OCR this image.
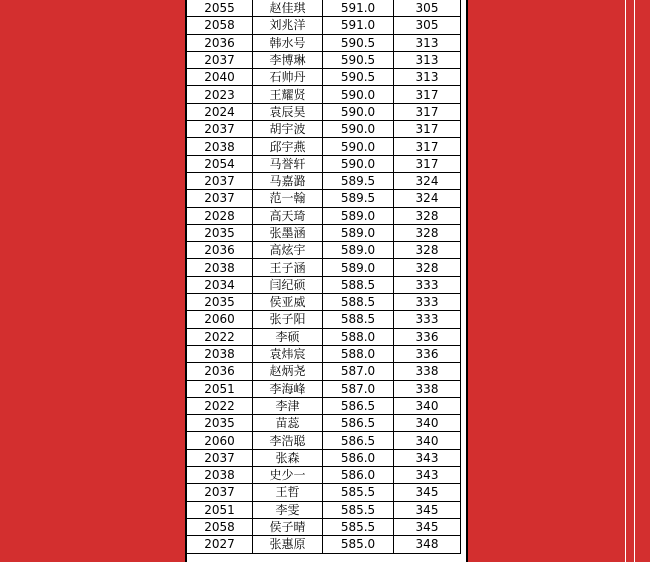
2055	赵佳琪	591.0	305
2058	刘兆洋	591.0	305
2036	韩水号	590.5	313
2037	李博琳	590.5	313
2040	石帅丹	590.5	313
2023	王耀贤	590.0	317
2024	袁辰昊	590.0	317
2037	胡宇波	590.0	317
2038	邱宇燕	590.0	317
2054	马誉轩	590.0	317
2037	马嘉潞	589.5	324
2037	范一翰	589.5	324
2028	高天琦	589.0	328
2035	张墨涵	589.0	328
2036	高炫宇	589.0	328
2038	王子涵	589.0	328
2034	闫纪硕	588.5	333
2035	侯亚威	588.5	333
2060	张子阳	588.5	333
2022	李硕	588.0	336
2038	袁炜宸	588.0	336
2036	赵炳尧	587.0	338
2051	李海峰	587.0	338
2022	李津	586.5	340
2035	苗蕊	586.5	340
2060	李浩聪	586.5	340
2037	张森	586.0	343
2038	史少一	586.0	343
2037	王哲	585.5	345
2051	李雯	585.5	345
2058	侯子晴	585.5	345
2027	张惠原	585.0	348
